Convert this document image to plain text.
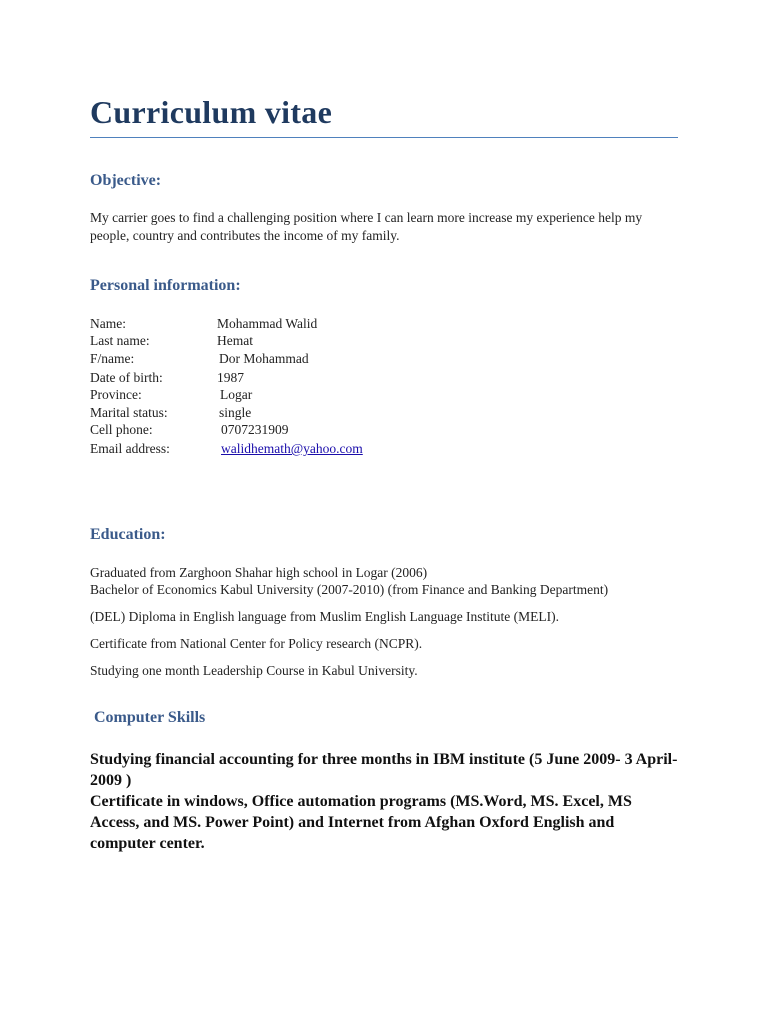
Curriculum vitae
Objective:
My carrier goes to find a challenging position where I can learn more increase my experience help my people, country and contributes the income of my family.
Personal information:
Name:	Mohammad Walid
Last name:	Hemat
F/name:	Dor Mohammad
Date of birth:	1987
Province:	Logar
Marital status:	single
Cell phone:	0707231909
Email address:	walidhemath@yahoo.com
Education:
Graduated from Zarghoon Shahar high school in Logar (2006)
Bachelor of Economics Kabul University (2007-2010) (from Finance and Banking Department)
(DEL) Diploma in English language from Muslim English Language Institute (MELI).
Certificate from National Center for Policy research (NCPR).
Studying one month Leadership Course in Kabul University.
Computer Skills
Studying financial accounting for three months in IBM institute (5 June 2009- 3 April- 2009 )
Certificate in windows, Office automation programs (MS.Word, MS. Excel, MS Access, and MS. Power Point) and Internet from Afghan Oxford English and computer center.
